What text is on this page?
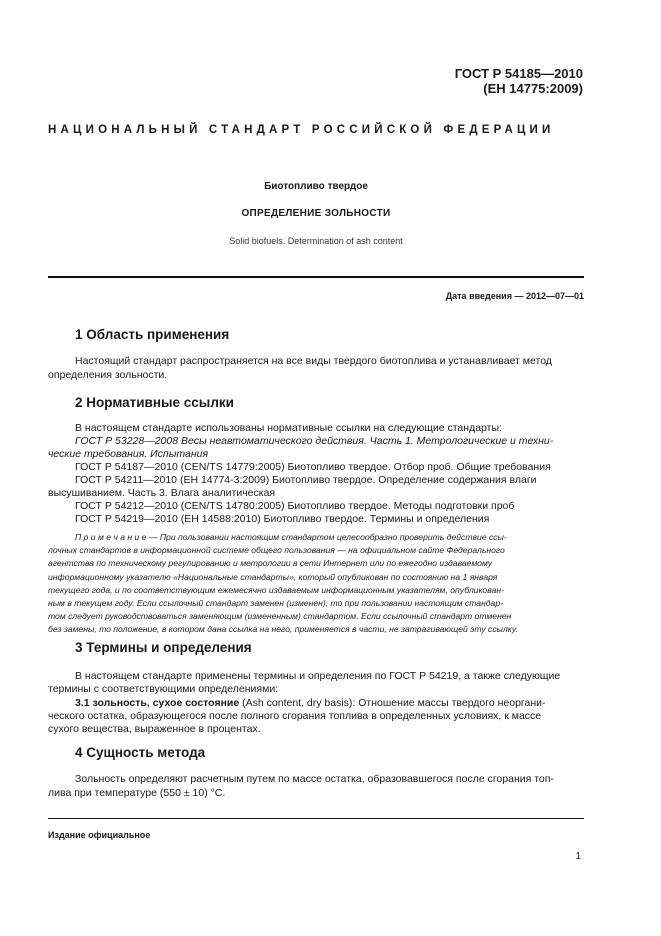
ГОСТ Р 54185—2010
(ЕН 14775:2009)
НАЦИОНАЛЬНЫЙ СТАНДАРТ РОССИЙСКОЙ ФЕДЕРАЦИИ
Биотопливо твердое
ОПРЕДЕЛЕНИЕ ЗОЛЬНОСТИ
Solid biofuels. Determination of ash content
Дата введения — 2012—07—01
1 Область применения
Настоящий стандарт распространяется на все виды твердого биотоплива и устанавливает метод
определения зольности.
2 Нормативные ссылки
В настоящем стандарте использованы нормативные ссылки на следующие стандарты:
ГОСТ Р 53228—2008 Весы неавтоматического действия. Часть 1. Метрологические и техни-
ческие требования. Испытания
ГОСТ Р 54187—2010 (CEN/TS 14779:2005) Биотопливо твердое. Отбор проб. Общие требования
ГОСТ Р 54211—2010 (ЕН 14774-3:2009) Биотопливо твердое. Определение содержания влаги
высушиванием. Часть 3. Влага аналитическая
ГОСТ Р 54212—2010 (CEN/TS 14780:2005) Биотопливо твердое. Методы подготовки проб
ГОСТ Р 54219—2010 (ЕН 14588:2010) Биотопливо твердое. Термины и определения
П р и м е ч а н и е — При пользовании настоящим стандартом целесообразно проверить действие ссы-
лочных стандартов в информационной системе общего пользования — на официальном сайте Федерального
агентства по техническому регулированию и метрологии в сети Интернет или по ежегодно издаваемому
информационному указателю «Национальные стандарты», который опубликован по состоянию на 1 января
текущего года, и по соответствующим ежемесячно издаваемым информационным указателям, опубликован-
ным в текущем году. Если ссылочный стандарт заменен (изменен), то при пользовании настоящим стандар-
том следует руководствоваться заменяющим (измененным) стандартом. Если ссылочный стандарт отменен
без замены, то положение, в котором дана ссылка на него, применяется в части, не затрагивающей эту ссылку.
3 Термины и определения
В настоящем стандарте применены термины и определения по ГОСТ Р 54219, а также следующие
термины с соответствующими определениями:
3.1 зольность, сухое состояние (Ash content, dry basis): Отношение массы твердого неоргани-
ческого остатка, образующегося после полного сгорания топлива в определенных условиях, к массе
сухого вещества, выраженное в процентах.
4 Сущность метода
Зольность определяют расчетным путем по массе остатка, образовавшегося после сгорания топ-
лива при температуре (550 ± 10) °C.
Издание официальное
1
